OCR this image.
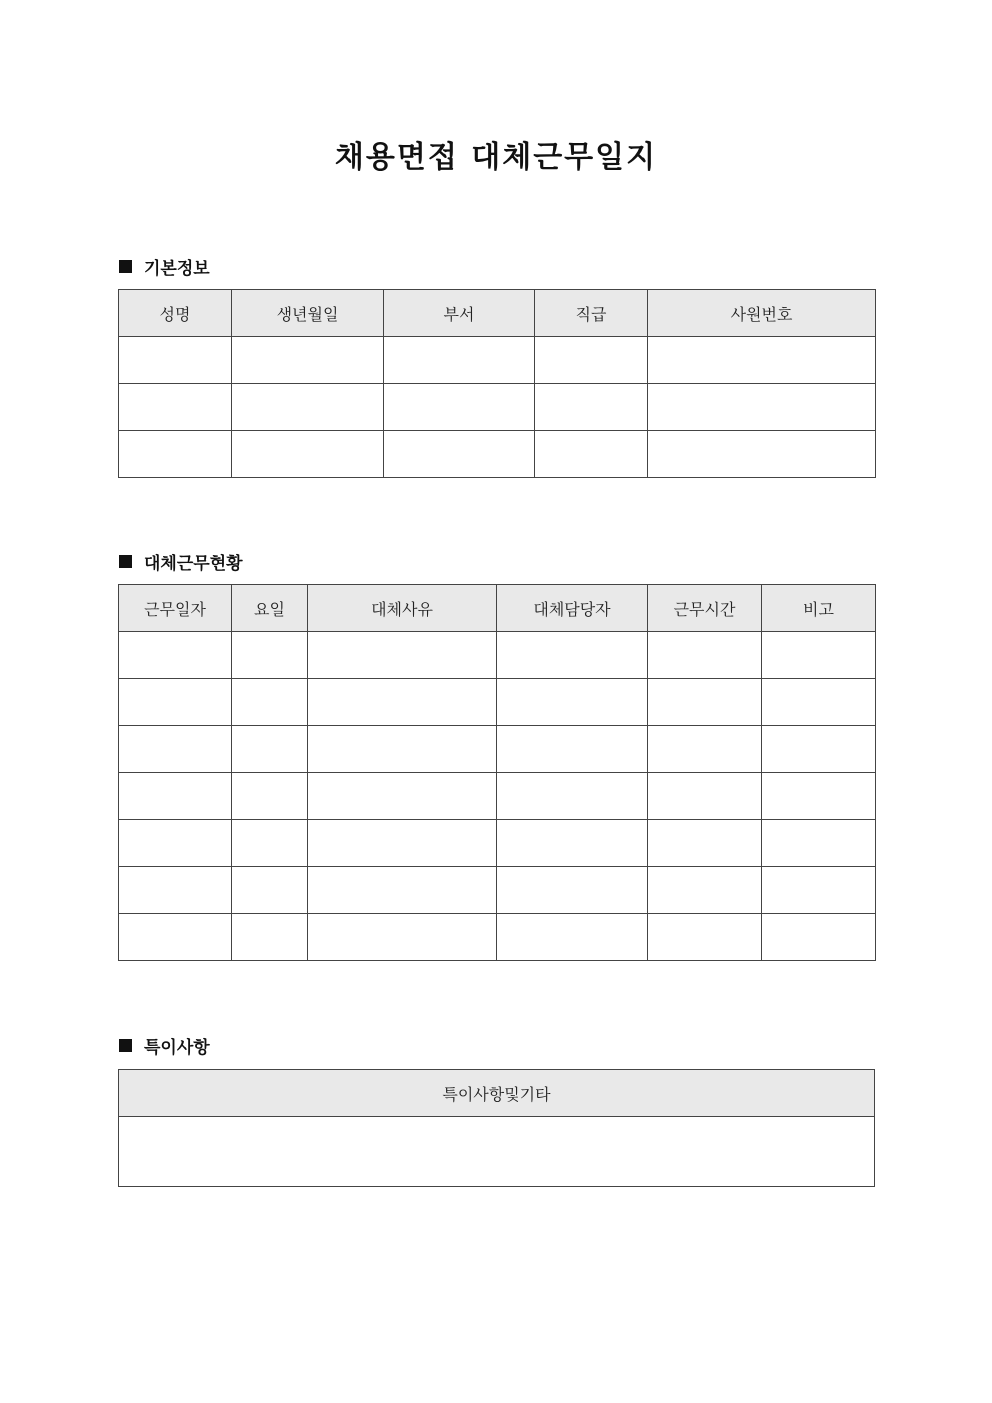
채용면접 대체근무일지
기본정보
성명	생년월일	부서	직급	사원번호

대체근무현황
근무일자	요일	대체사유	대체담당자	근무시간	비고

특이사항
특이사항및기타
